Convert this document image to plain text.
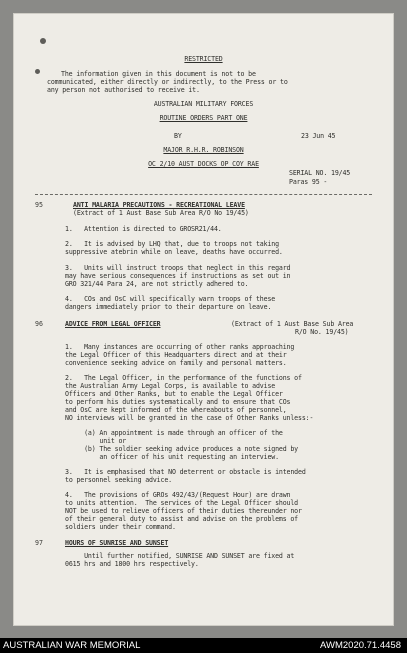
RESTRICTED
The information given in this document is not to be
communicated, either directly or indirectly, to the Press or to
any person not authorised to receive it.
AUSTRALIAN MILITARY FORCES
ROUTINE ORDERS PART ONE
BY	23 Jun 45
MAJOR R.H.R. ROBINSON
OC 2/10 AUST DOCKS OP COY RAE
SERIAL NO. 19/45
Paras 95 -
95	ANTI MALARIA PRECAUTIONS - RECREATIONAL LEAVE
(Extract of 1 Aust Base Sub Area R/O No 19/45)
1.   Attention is directed to GROSR21/44.
2.   It is advised by LHQ that, due to troops not taking
suppressive atebrin while on leave, deaths have occurred.
3.   Units will instruct troops that neglect in this regard
may have serious consequences if instructions as set out in
GRO 321/44 Para 24, are not strictly adhered to.
4.   COs and OsC will specifically warn troops of these
dangers immediately prior to their departure on leave.
96	ADVICE FROM LEGAL OFFICER	(Extract of 1 Aust Base Sub Area
R/O No. 19/45)
1.   Many instances are occurring of other ranks approaching
the Legal Officer of this Headquarters direct and at their
convenience seeking advice on family and personal matters.
2.   The Legal Officer, in the performance of the functions of
the Australian Army Legal Corps, is available to advise
Officers and Other Ranks, but to enable the Legal Officer
to perform his duties systematically and to ensure that COs
and OsC are kept informed of the whereabouts of personnel,
NO interviews will be granted in the case of Other Ranks unless:-
(a) An appointment is made through an officer of the
unit or
(b) The soldier seeking advice produces a note signed by
an officer of his unit requesting an interview.
3.   It is emphasised that NO deterrent or obstacle is intended
to personnel seeking advice.
4.   The provisions of GROs 492/43/(Request Hour) are drawn
to units attention.  The services of the Legal Officer should
NOT be used to relieve officers of their duties thereunder nor
of their general duty to assist and advise on the problems of
soldiers under their command.
97	HOURS OF SUNRISE AND SUNSET
Until further notified, SUNRISE AND SUNSET are fixed at
0615 hrs and 1800 hrs respectively.
AUSTRALIAN WAR MEMORIAL	AWM2020.71.4458
